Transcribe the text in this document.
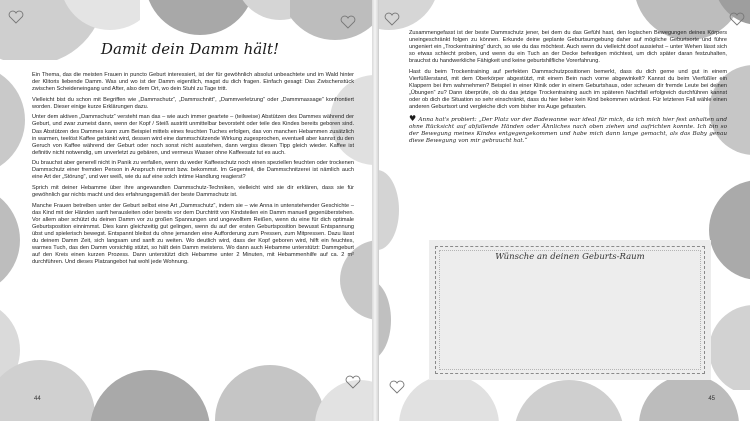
Damit dein Damm hält!

Ein Thema, das die meisten Frauen in puncto Geburt interessiert, ist der für gewöhnlich absolut unbeachtete und im Wald hinter der Klitoris liebende Damm. Was und wo ist der Damm eigentlich, magst du dich fragen. Einfach gesagt: Das Zwischenstück zwischen Scheideneingang und After, also dem Ort, wo dein Stuhl zu Tage tritt.

Vielleicht bist du schon mit Begriffen wie „Dammschutz“, „Dammschnitt“, „Dammverletzung“ oder „Dammmassage“ konfrontiert worden. Dieser einige kurze Erklärungen dazu.

Unter dem aktiven „Dammschutz“ versteht man das – wie auch immer geartete – (teilweise) Abstützen des Dammes während der Geburt, und zwar zumeist dann, wenn der Kopf / Steiß austritt unmittelbar bevorsteht oder teile des Kindes bereits geboren sind. Das Abstützen des Dammes kann zum Beispiel mittels eines feuchten Tuches erfolgen, das von manchen Hebammen zusätzlich in warmen, teelöst Kaffee getränkt wird, dessen wird eine dammschützende Wirkung zugesprochen, eventuell aber kannst du den Geruch von Kaffee während der Geburt oder noch sonst nicht ausstehen, dann vergiss diesen Tipp gleich wieder. Kaffee ist definitiv nicht notwendig, um unverletzt zu gebären, und vermeus Wasser ohne Kaffeesatz tut es auch.

Du brauchst aber generell nicht in Panik zu verfallen, wenn du weder Kaffeeschutz noch einen speziellen feuchten oder trockenen Dammschutz einer fremden Person in Anspruch nimmst bzw. bekommst. Im Gegenteil, die Dammschnitzerei ist nämlich auch eine Art der „Störung“, und wer weiß, wie du auf eine solch intime Handlung reagierst?

Sprich mit deiner Hebamme über ihre angewandten Dammschutz-Techniken, vielleicht wird sie dir erklären, dass sie für gewöhnlich gar nichts macht und des erfahrungsgemäß der beste Dammschutz ist.

Manche Frauen betreiben unter der Geburt selbst eine Art „Dammschutz“, indem sie – wie Anna in untenstehender Geschichte – das Kind mit der Händen sanft herausleiten oder bereits vor dem Durchtritt von Kindsteilen ein Damm manuell gegenüberstehen. Vor allem aber schützt du deinen Damm vor zu großen Spannungen und ungewolltem Reißen, wenn du eine für dich optimale Geburtsposition einnimmst. Dies kann gleichzeitig gut gelingen, wenn du auf der ersten Geburtsposition bewusst Entspannung übst und spielerisch bewegst. Entspannt bleibst du ohne jemanden eine Aufforderung zum Pressen, zum Mitpressen. Dazu lässt du deinem Damm Zeit, sich langsam und sanft zu weiten. Wo deutlich wird, dass der Kopf geboren wird, hilft ein feuchtes, warmes Tuch, das den Damm vorsichtig stützt, so hält dein Damm meistens. Wo dann auch Hebamme unterstützt: Dammgeburt auf den Kreis einen kurzen Prozess. Dann unterstützt dich Hebamme unter 2 Minuten, mit Hebammenhilfe auf ca. 2 m² durchführen. Und dieses Platzangebot hat wohl jede Wohnung.

44

Zusammengefasst ist der beste Dammschutz jener, bei dem du das Gefühl hast, den logischen Bewegungen deines Körpers uneingeschränkt folgen zu können. Erkunde deine geplante Geburtsumgebung daher auf mögliche Geburtsorte und führe ungeniert ein „Trockentraining“ durch, so wie du das möchtest. Auch wenn du vielleicht doof aussiehst – unter Wehen lässt sich so etwas schlecht proben, und wenn du ein Tuch an der Decke befestigen möchtest, um dich später daran festzuhalten, brauchst du handwerkliche Fähigkeit und keine geburtshilfliche Vorerfahrung.

Hast du beim Trockentraining auf perfekten Dammschutzpositionen bemerkt, dass du dich gerne und gut in einem Vierfüßlerstand, mit dem Oberkörper abgestützt, mit einem Bein nach vorne abgewinkelt? Kannst du beim Vierfüßler ein Klappern bei ihm wahrnehmen? Beispiel in einer Klinik oder in einem Geburtshaus, oder scheuen dir fremde Leute bei deinen „Übungen“ zu? Dann überprüfe, ob du das jetzige Trockentraining auch im späteren Nachtfall erfolgreich durchführen kannst oder ob dich die Situation so sehr einschränkt, dass du hier lieber kein Kind bekommen würdest. Für letzteren Fall wähle einen anderen Geburtsort und vergleiche dich vom bisher ins Auge gefassten.

♥ Anna hat's probiert: „Der Platz vor der Badewanne war ideal für mich, da ich mich hier fest anhalten und ohne Rücksicht auf abfallende Händen oder Ähnliches nach oben ziehen und aufrichten konnte. Ich bin so der Bewegung meines Kindes entgegengekommen und habe mich dann lange gemacht, als das Baby genau diese Bewegung von mir gebraucht hat.“

Wünsche an deinen Geburts-Raum
45
